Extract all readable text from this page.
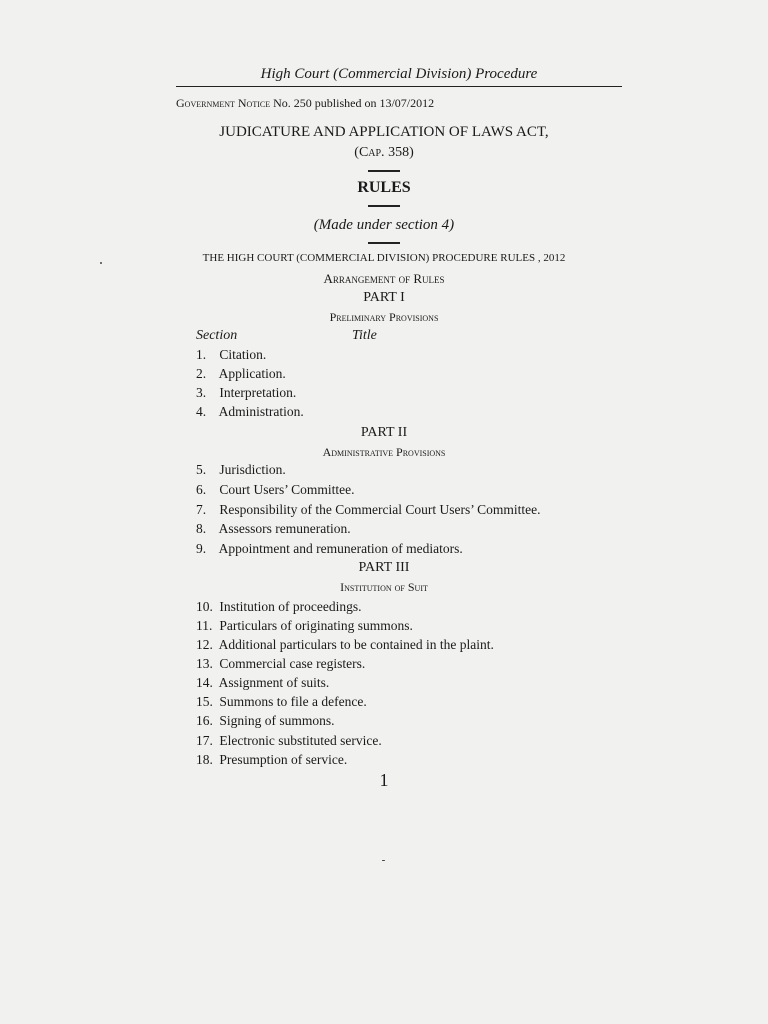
High Court (Commercial Division) Procedure
Government Notice No. 250 published on 13/07/2012
JUDICATURE AND APPLICATION OF LAWS ACT,
(Cap. 358)
RULES
(Made under section 4)
THE HIGH COURT (COMMERCIAL DIVISION) PROCEDURE RULES , 2012
Arrangement of Rules
PART I
Preliminary Provisions
Section	Title
1. Citation.
2. Application.
3. Interpretation.
4. Administration.
PART II
Administrative Provisions
5. Jurisdiction.
6. Court Users’ Committee.
7. Responsibility of the Commercial Court Users’ Committee.
8. Assessors remuneration.
9. Appointment and remuneration of mediators.
PART III
Institution of Suit
10. Institution of proceedings.
11. Particulars of originating summons.
12. Additional particulars to be contained in the plaint.
13. Commercial case registers.
14. Assignment of suits.
15. Summons to file a defence.
16. Signing of summons.
17. Electronic substituted service.
18. Presumption of service.
1
